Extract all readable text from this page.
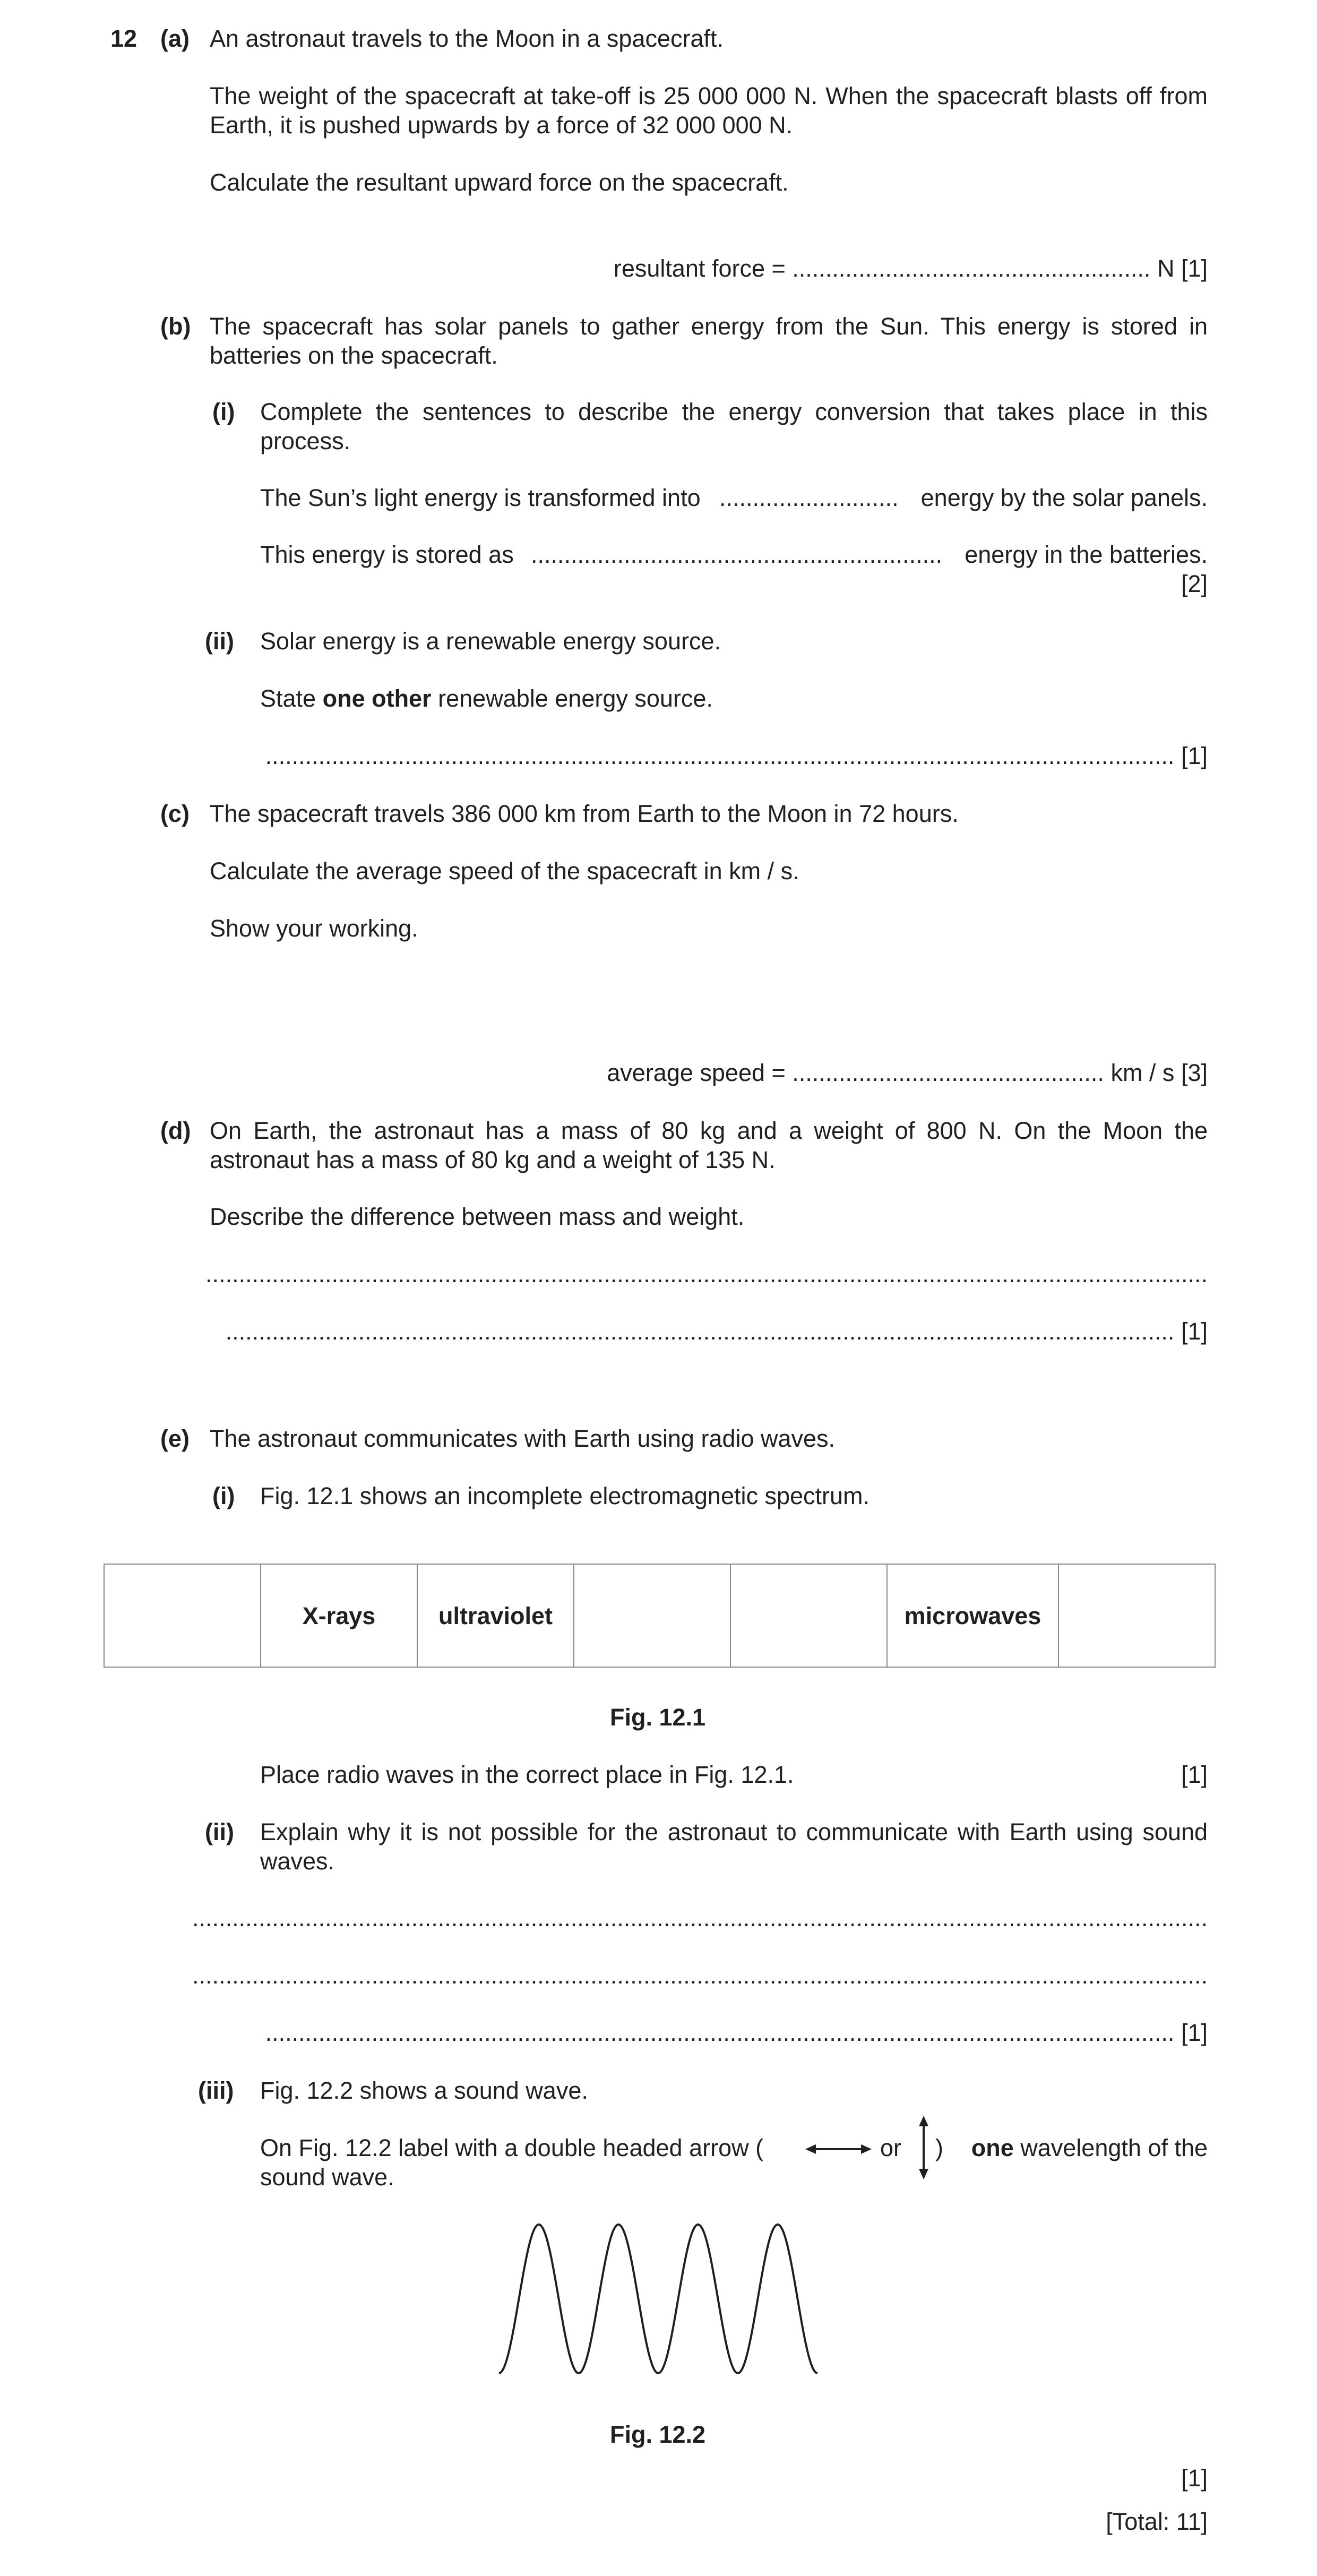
12 (a) An astronaut travels to the Moon in a spacecraft.
The weight of the spacecraft at take-off is 25 000 000 N. When the spacecraft blasts off from Earth, it is pushed upwards by a force of 32 000 000 N.
Calculate the resultant upward force on the spacecraft.
resultant force = ...................................................... N [1]
(b) The spacecraft has solar panels to gather energy from the Sun. This energy is stored in batteries on the spacecraft.
(i) Complete the sentences to describe the energy conversion that takes place in this process.
The Sun’s light energy is transformed into ........................... energy by the solar panels.
This energy is stored as .............................................................. energy in the batteries.
[2]
(ii) Solar energy is a renewable energy source.
State one other renewable energy source.
......................................................................................................................................... [1]
(c) The spacecraft travels 386 000 km from Earth to the Moon in 72 hours.
Calculate the average speed of the spacecraft in km / s.
Show your working.
average speed = ............................................... km / s [3]
(d) On Earth, the astronaut has a mass of 80 kg and a weight of 800 N. On the Moon the astronaut has a mass of 80 kg and a weight of 135 N.
Describe the difference between mass and weight.
.......................................................................................................................................................
............................................................................................................................................... [1]
(e) The astronaut communicates with Earth using radio waves.
(i) Fig. 12.1 shows an incomplete electromagnetic spectrum.
	X-rays	ultraviolet			microwaves	
Fig. 12.1
Place radio waves in the correct place in Fig. 12.1.	[1]
(ii) Explain why it is not possible for the astronaut to communicate with Earth using sound waves.
.........................................................................................................................................................
.........................................................................................................................................................
......................................................................................................................................... [1]
(iii) Fig. 12.2 shows a sound wave.
On Fig. 12.2 label with a double headed arrow (	or ) one wavelength of the
sound wave.
Fig. 12.2
[1]
[Total: 11]
